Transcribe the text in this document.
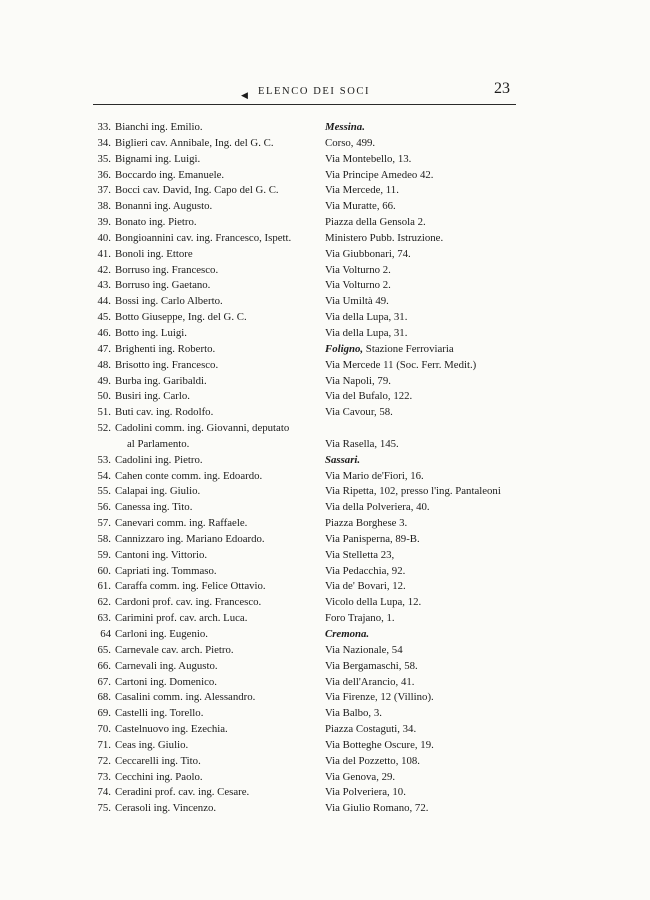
◀ ELENCO DEI SOCI	23
33. Bianchi ing. Emilio.	Messina.
34. Biglieri cav. Annibale, Ing. del G. C.	Corso, 499.
35. Bignami ing. Luigi.	Via Montebello, 13.
36. Boccardo ing. Emanuele.	Via Principe Amedeo 42.
37. Bocci cav. David, Ing. Capo del G. C.	Via Mercede, 11.
38. Bonanni ing. Augusto.	Via Muratte, 66.
39. Bonato ing. Pietro.	Piazza della Gensola 2.
40. Bongioannini cav. ing. Francesco, Ispett.	Ministero Pubb. Istruzione.
41. Bonoli ing. Ettore	Via Giubbonari, 74.
42. Borruso ing. Francesco.	Via Volturno 2.
43. Borruso ing. Gaetano.	Via Volturno 2.
44. Bossi ing. Carlo Alberto.	Via Umiltà 49.
45. Botto Giuseppe, Ing. del G. C.	Via della Lupa, 31.
46. Botto ing. Luigi.	Via della Lupa, 31.
47. Brighenti ing. Roberto.	Foligno, Stazione Ferroviaria
48. Brisotto ing. Francesco.	Via Mercede 11 (Soc. Ferr. Medit.)
49. Burba ing. Garibaldi.	Via Napoli, 79.
50. Busiri ing. Carlo.	Via del Bufalo, 122.
51. Buti cav. ing. Rodolfo.	Via Cavour, 58.
52. Cadolini comm. ing. Giovanni, deputato
al Parlamento.	Via Rasella, 145.
53. Cadolini ing. Pietro.	Sassari.
54. Cahen conte comm. ing. Edoardo.	Via Mario de'Fiori, 16.
55. Calapai ing. Giulio.	Via Ripetta, 102, presso l'ing. Pantaleoni
56. Canessa ing. Tito.	Via della Polveriera, 40.
57. Canevari comm. ing. Raffaele.	Piazza Borghese 3.
58. Cannizzaro ing. Mariano Edoardo.	Via Panisperna, 89-B.
59. Cantoni ing. Vittorio.	Via Stelletta 23,
60. Capriati ing. Tommaso.	Via Pedacchia, 92.
61. Caraffa comm. ing. Felice Ottavio.	Via de' Bovari, 12.
62. Cardoni prof. cav. ing. Francesco.	Vicolo della Lupa, 12.
63. Carimini prof. cav. arch. Luca.	Foro Trajano, 1.
64 Carloni ing. Eugenio.	Cremona.
65. Carnevale cav. arch. Pietro.	Via Nazionale, 54
66. Carnevali ing. Augusto.	Via Bergamaschi, 58.
67. Cartoni ing. Domenico.	Via dell'Arancio, 41.
68. Casalini comm. ing. Alessandro.	Via Firenze, 12 (Villino).
69. Castelli ing. Torello.	Via Balbo, 3.
70. Castelnuovo ing. Ezechia.	Piazza Costaguti, 34.
71. Ceas ing. Giulio.	Via Botteghe Oscure, 19.
72. Ceccarelli ing. Tito.	Via del Pozzetto, 108.
73. Cecchini ing. Paolo.	Via Genova, 29.
74. Ceradini prof. cav. ing. Cesare.	Via Polveriera, 10.
75. Cerasoli ing. Vincenzo.	Via Giulio Romano, 72.
